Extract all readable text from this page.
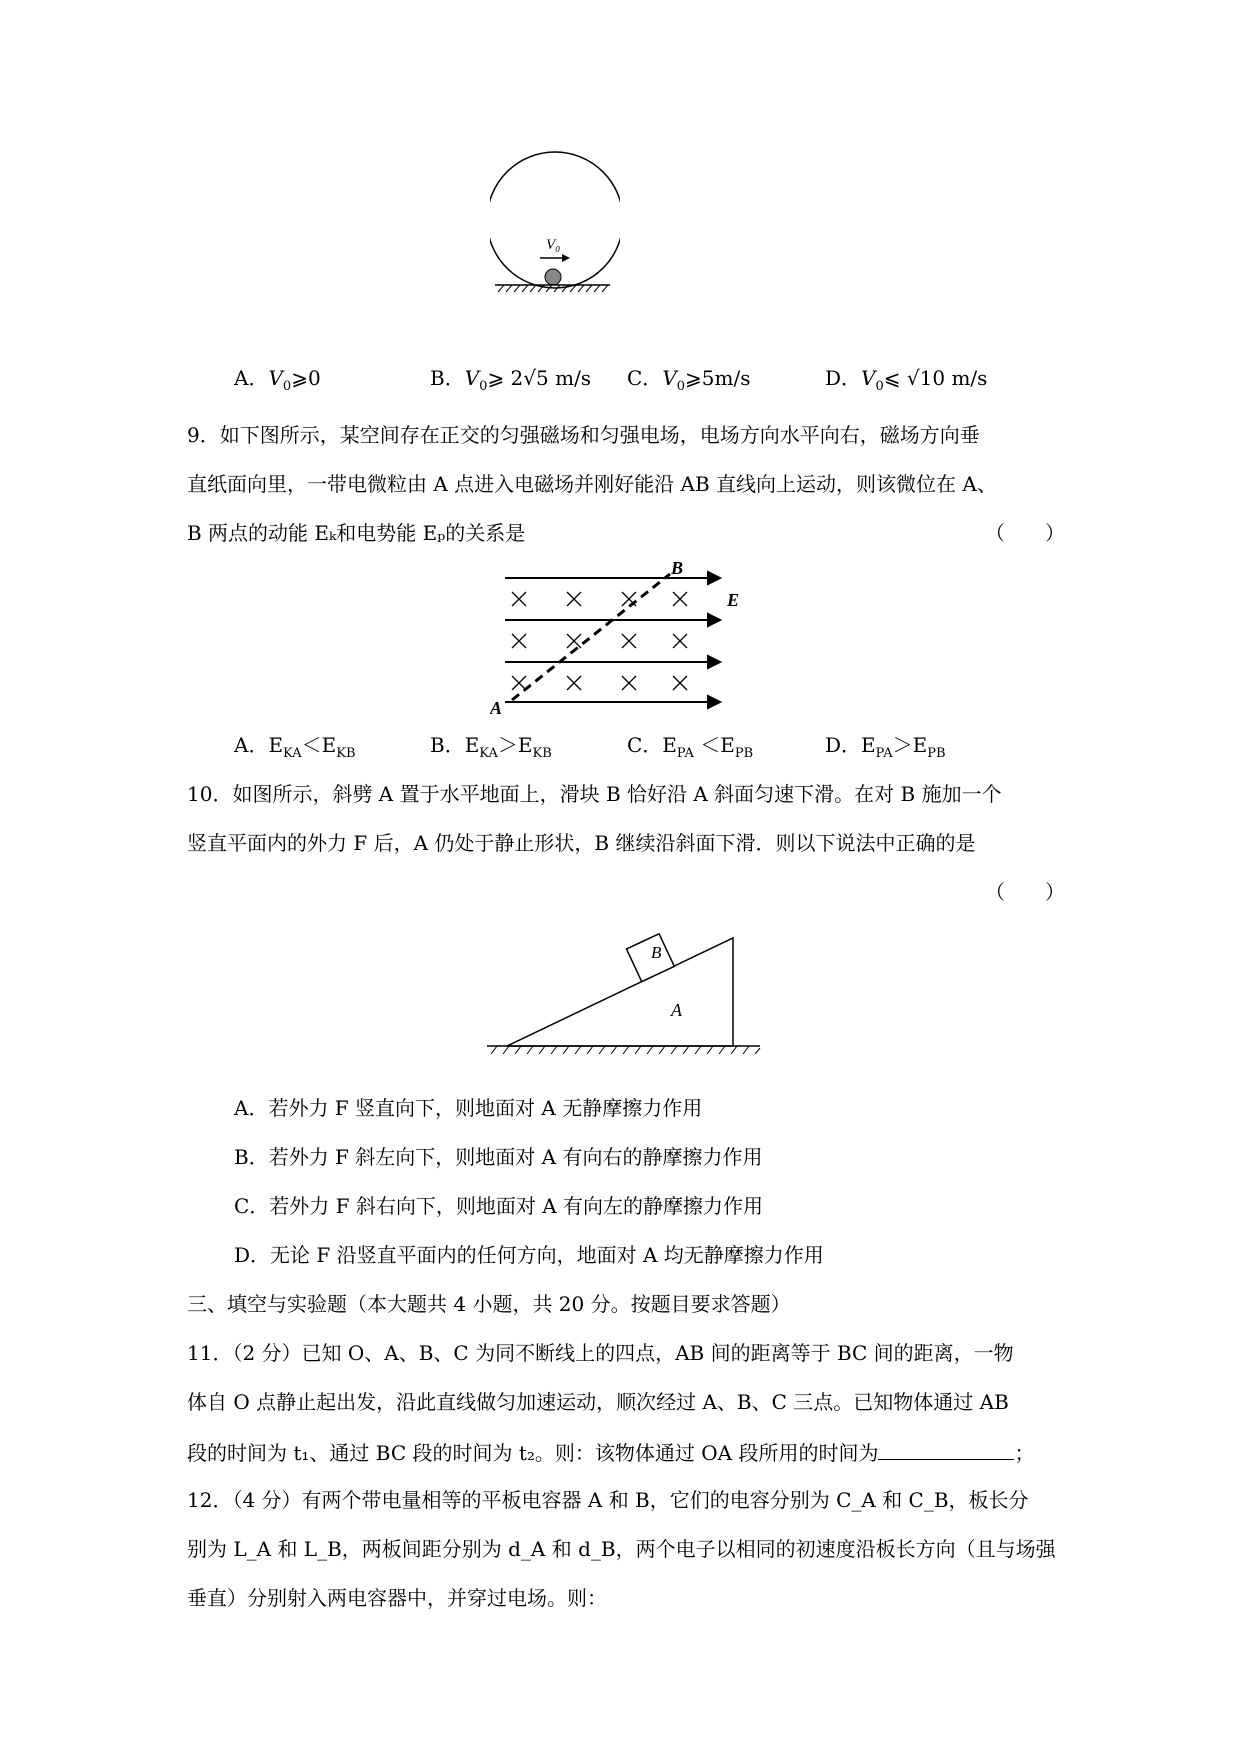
V₀
A．$V_0⩾0$	B．$V_0⩾$ 2√5 m/s C．$V_0⩾5m/s$	D．$V_0⩽$ √10 m/s
9．如下图所示，某空间存在正交的匀强磁场和匀强电场，电场方向水平向右，磁场方向垂
直纸面向里，一带电微粒由 A 点进入电磁场并刚好能沿 AB 直线向上运动，则该微位在 A、
B 两点的动能 Eₖ和电势能 Eₚ的关系是	（　　）
A
B
E
A．$E_{KA}<E_{KB}$	B．$E_{KA}>E_{KB}$	C．$E_{PA} <E_{PB}$	D．$E_{PA}>E_{PB}$
10．如图所示，斜劈 A 置于水平地面上，滑块 B 恰好沿 A 斜面匀速下滑。在对 B 施加一个
竖直平面内的外力 F 后，A 仍处于静止形状，B 继续沿斜面下滑．则以下说法中正确的是
（　　）
B
A
A．若外力 F 竖直向下，则地面对 A 无静摩擦力作用
B．若外力 F 斜左向下，则地面对 A 有向右的静摩擦力作用
C．若外力 F 斜右向下，则地面对 A 有向左的静摩擦力作用
D．无论 F 沿竖直平面内的任何方向，地面对 A 均无静摩擦力作用
三、填空与实验题（本大题共 4 小题，共 20 分。按题目要求答题）
11．（2 分）已知 O、A、B、C 为同不断线上的四点，AB 间的距离等于 BC 间的距离，一物
体自 O 点静止起出发，沿此直线做匀加速运动，顺次经过 A、B、C 三点。已知物体通过 AB
段的时间为 t₁、通过 BC 段的时间为 t₂。则：该物体通过 OA 段所用的时间为	；
12．（4 分）有两个带电量相等的平板电容器 A 和 B，它们的电容分别为 C_A 和 C_B，板长分
别为 L_A 和 L_B，两板间距分别为 d_A 和 d_B，两个电子以相同的初速度沿板长方向（且与场强
垂直）分别射入两电容器中，并穿过电场。则：
